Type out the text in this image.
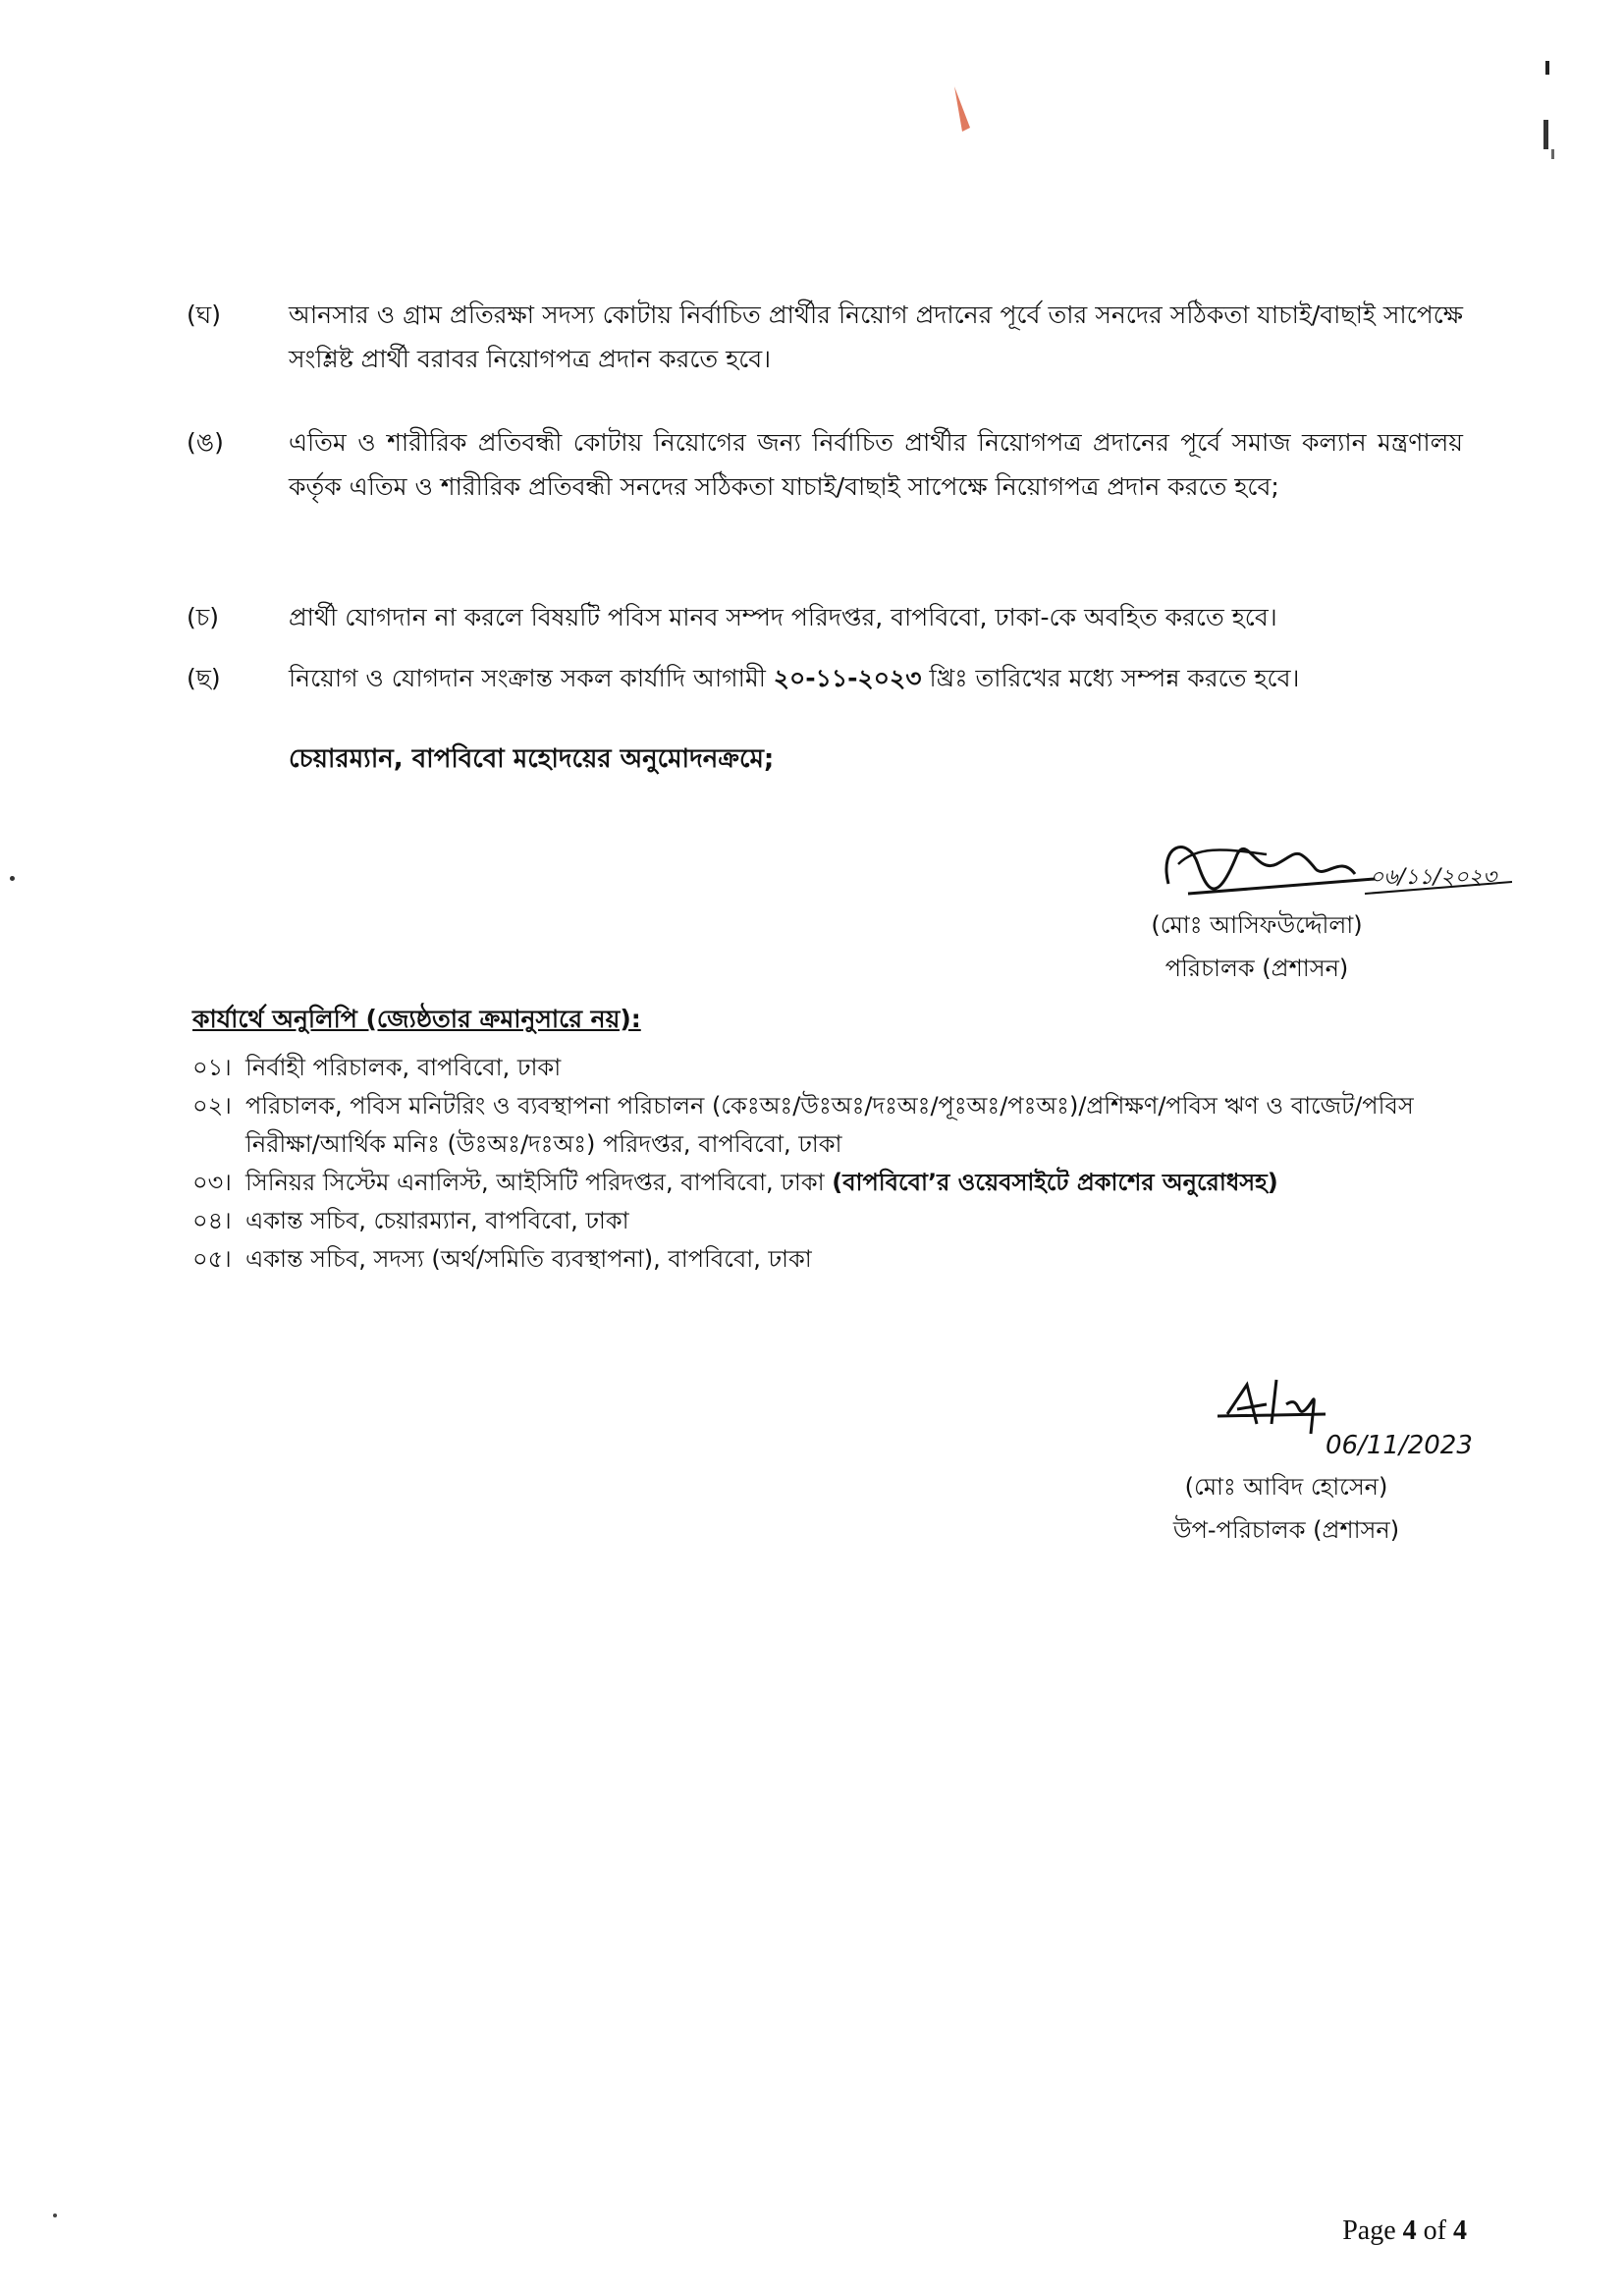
(ঘ)	আনসার ও গ্রাম প্রতিরক্ষা সদস্য কোটায় নির্বাচিত প্রার্থীর নিয়োগ প্রদানের পূর্বে তার সনদের সঠিকতা যাচাই/বাছাই সাপেক্ষে সংশ্লিষ্ট প্রার্থী বরাবর নিয়োগপত্র প্রদান করতে হবে।
(ঙ)	এতিম ও শারীরিক প্রতিবন্ধী কোটায় নিয়োগের জন্য নির্বাচিত প্রার্থীর নিয়োগপত্র প্রদানের পূর্বে সমাজ কল্যান মন্ত্রণালয় কর্তৃক এতিম ও শারীরিক প্রতিবন্ধী সনদের সঠিকতা যাচাই/বাছাই সাপেক্ষে নিয়োগপত্র প্রদান করতে হবে;
(চ)	প্রার্থী যোগদান না করলে বিষয়টি পবিস মানব সম্পদ পরিদপ্তর, বাপবিবো, ঢাকা-কে অবহিত করতে হবে।
(ছ)	নিয়োগ ও যোগদান সংক্রান্ত সকল কার্যাদি আগামী ২০-১১-২০২৩ খ্রিঃ তারিখের মধ্যে সম্পন্ন করতে হবে।
চেয়ারম্যান, বাপবিবো মহোদয়ের অনুমোদনক্রমে;
০৬/১১/২০২৩
(মোঃ আসিফউদ্দৌলা)
পরিচালক (প্রশাসন)
কার্যার্থে অনুলিপি (জ্যেষ্ঠতার ক্রমানুসারে নয়):
০১। নির্বাহী পরিচালক, বাপবিবো, ঢাকা
০২। পরিচালক, পবিস মনিটরিং ও ব্যবস্থাপনা পরিচালন (কেঃঅঃ/উঃঅঃ/দঃঅঃ/পূঃঅঃ/পঃঅঃ)/প্রশিক্ষণ/পবিস ঋণ ও বাজেট/পবিস নিরীক্ষা/আর্থিক মনিঃ (উঃঅঃ/দঃঅঃ) পরিদপ্তর, বাপবিবো, ঢাকা
০৩। সিনিয়র সিস্টেম এনালিস্ট, আইসিটি পরিদপ্তর, বাপবিবো, ঢাকা (বাপবিবো’র ওয়েবসাইটে প্রকাশের অনুরোধসহ)
০৪। একান্ত সচিব, চেয়ারম্যান, বাপবিবো, ঢাকা
০৫। একান্ত সচিব, সদস্য (অর্থ/সমিতি ব্যবস্থাপনা), বাপবিবো, ঢাকা
06/11/2023
(মোঃ আবিদ হোসেন)
উপ-পরিচালক (প্রশাসন)
Page 4 of 4
